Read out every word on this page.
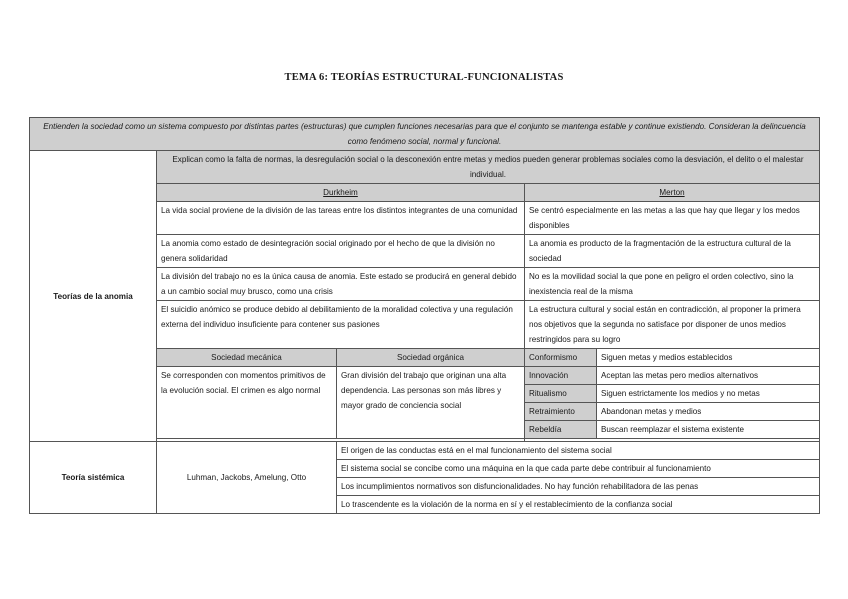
TEMA 6: TEORÍAS ESTRUCTURAL-FUNCIONALISTAS
Entienden la sociedad como un sistema compuesto por distintas partes (estructuras) que cumplen funciones necesarias para que el conjunto se mantenga estable y continue existiendo. Consideran la delincuencia como fenómeno social, normal y funcional.				
Teorías de la anomia	Explican como la falta de normas, la desregulación social o la desconexión entre metas y medios pueden generar problemas sociales como la desviación, el delito o el malestar individual.			
	Durkheim		Merton	
	La vida social proviene de la división de las tareas entre los distintos integrantes de una comunidad		Se centró especialmente en las metas a las que hay que llegar y los medos disponibles	
	La anomia como estado de desintegración social originado por el hecho de que la división no genera solidaridad		La anomia es producto de la fragmentación de la estructura cultural de la sociedad	
	La división del trabajo no es la única causa de anomia. Este estado se producirá en general debido a un cambio social muy brusco, como una crisis		No es la movilidad social la que pone en peligro el orden colectivo, sino la inexistencia real de la misma	
	El suicidio anómico se produce debido al debilitamiento de la moralidad colectiva y una regulación externa del individuo insuficiente para contener sus pasiones		La estructura cultural y social están en contradicción, al proponer la primera nos objetivos que la segunda no satisface por disponer de unos medios restringidos para su logro	
	Sociedad mecánica	Sociedad orgánica	Conformismo	Siguen metas y medios establecidos
	Se corresponden con momentos primitivos de la evolución social. El crimen es algo normal	Gran división del trabajo que originan una alta dependencia. Las personas son más libres y mayor grado de conciencia social	Innovación	Aceptan las metas pero medios alternativos
			Ritualismo	Siguen estrictamente los medios y no metas
			Retraimiento	Abandonan metas y medios
			Rebeldía	Buscan reemplazar el sistema existente

Teoría sistémica	Luhman, Jackobs, Amelung, Otto	El origen de las conductas está en el mal funcionamiento del sistema social		
		El sistema social se concibe como una máquina en la que cada parte debe contribuir al funcionamiento		
		Los incumplimientos normativos son disfuncionalidades. No hay función rehabilitadora de las penas		
		Lo trascendente es la violación de la norma en sí y el restablecimiento de la confianza social		
